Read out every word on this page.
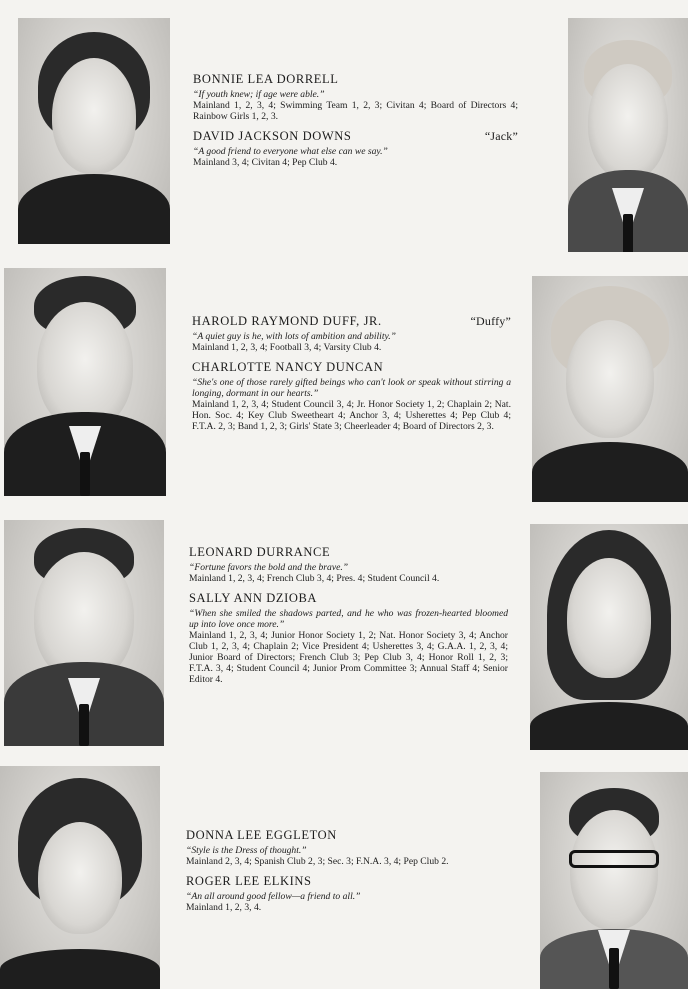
BONNIE LEA DORRELL
“If youth knew; if age were able.”
Mainland 1, 2, 3, 4; Swimming Team 1, 2, 3; Civitan 4; Board of Directors 4; Rainbow Girls 1, 2, 3.
DAVID JACKSON DOWNS	“Jack”
“A good friend to everyone what else can we say.”
Mainland 3, 4; Civitan 4; Pep Club 4.
HAROLD RAYMOND DUFF, JR.	“Duffy”
“A quiet guy is he, with lots of ambition and ability.”
Mainland 1, 2, 3, 4; Football 3, 4; Varsity Club 4.
CHARLOTTE NANCY DUNCAN
“She's one of those rarely gifted beings who can't look or speak without stirring a longing, dormant in our hearts.”
Mainland 1, 2, 3, 4; Student Council 3, 4; Jr. Honor Society 1, 2; Chaplain 2; Nat. Hon. Soc. 4; Key Club Sweetheart 4; Anchor 3, 4; Usherettes 4; Pep Club 4; F.T.A. 2, 3; Band 1, 2, 3; Girls' State 3; Cheerleader 4; Board of Directors 2, 3.
LEONARD DURRANCE
“Fortune favors the bold and the brave.”
Mainland 1, 2, 3, 4; French Club 3, 4; Pres. 4; Student Council 4.
SALLY ANN DZIOBA
“When she smiled the shadows parted, and he who was frozen-hearted bloomed up into love once more.”
Mainland 1, 2, 3, 4; Junior Honor Society 1, 2; Nat. Honor Society 3, 4; Anchor Club 1, 2, 3, 4; Chaplain 2; Vice President 4; Usherettes 3, 4; G.A.A. 1, 2, 3, 4; Junior Board of Directors; French Club 3; Pep Club 3, 4; Honor Roll 1, 2, 3; F.T.A. 3, 4; Student Council 4; Junior Prom Committee 3; Annual Staff 4; Senior Editor 4.
DONNA LEE EGGLETON
“Style is the Dress of thought.”
Mainland 2, 3, 4; Spanish Club 2, 3; Sec. 3; F.N.A. 3, 4; Pep Club 2.
ROGER LEE ELKINS
“An all around good fellow—a friend to all.”
Mainland 1, 2, 3, 4.
